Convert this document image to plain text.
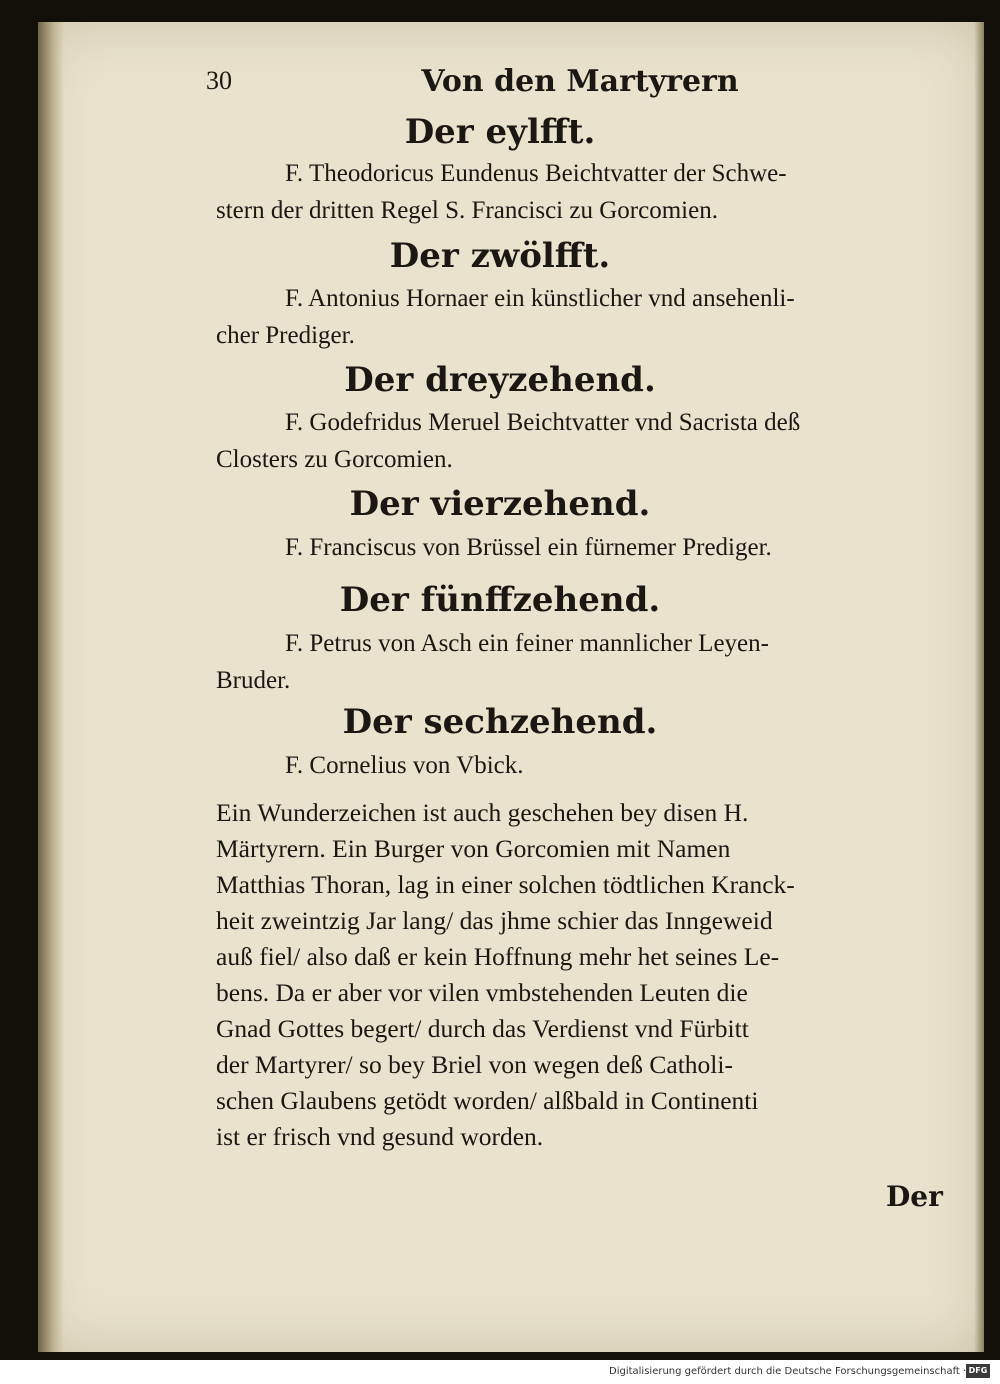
30	Von den Martyrern
Der eylfft.
F. Theodoricus Eundenus Beichtvatter der Schwe-
stern der dritten Regel S. Francisci zu Gorcomien.
Der zwölfft.
F. Antonius Hornaer ein künstlicher vnd ansehenli-
cher Prediger.
Der dreyzehend.
F. Godefridus Meruel Beichtvatter vnd Sacrista deß
Closters zu Gorcomien.
Der vierzehend.
F. Franciscus von Brüssel ein fürnemer Prediger.
Der fünffzehend.
F. Petrus von Asch ein feiner mannlicher Leyen-
Bruder.
Der sechzehend.
F. Cornelius von Vbick.
Ein Wunderzeichen ist auch geschehen bey disen H.
Märtyrern. Ein Burger von Gorcomien mit Namen
Matthias Thoran, lag in einer solchen tödtlichen Kranck-
heit zweintzig Jar lang/ das jhme schier das Inngeweid
auß fiel/ also daß er kein Hoffnung mehr het seines Le-
bens. Da er aber vor vilen vmbstehenden Leuten die
Gnad Gottes begert/ durch das Verdienst vnd Fürbitt
der Martyrer/ so bey Briel von wegen deß Catholi-
schen Glaubens getödt worden/ alßbald in Continenti
ist er frisch vnd gesund worden.
Der
Digitalisierung gefördert durch die Deutsche Forschungsgemeinschaft · DFG
